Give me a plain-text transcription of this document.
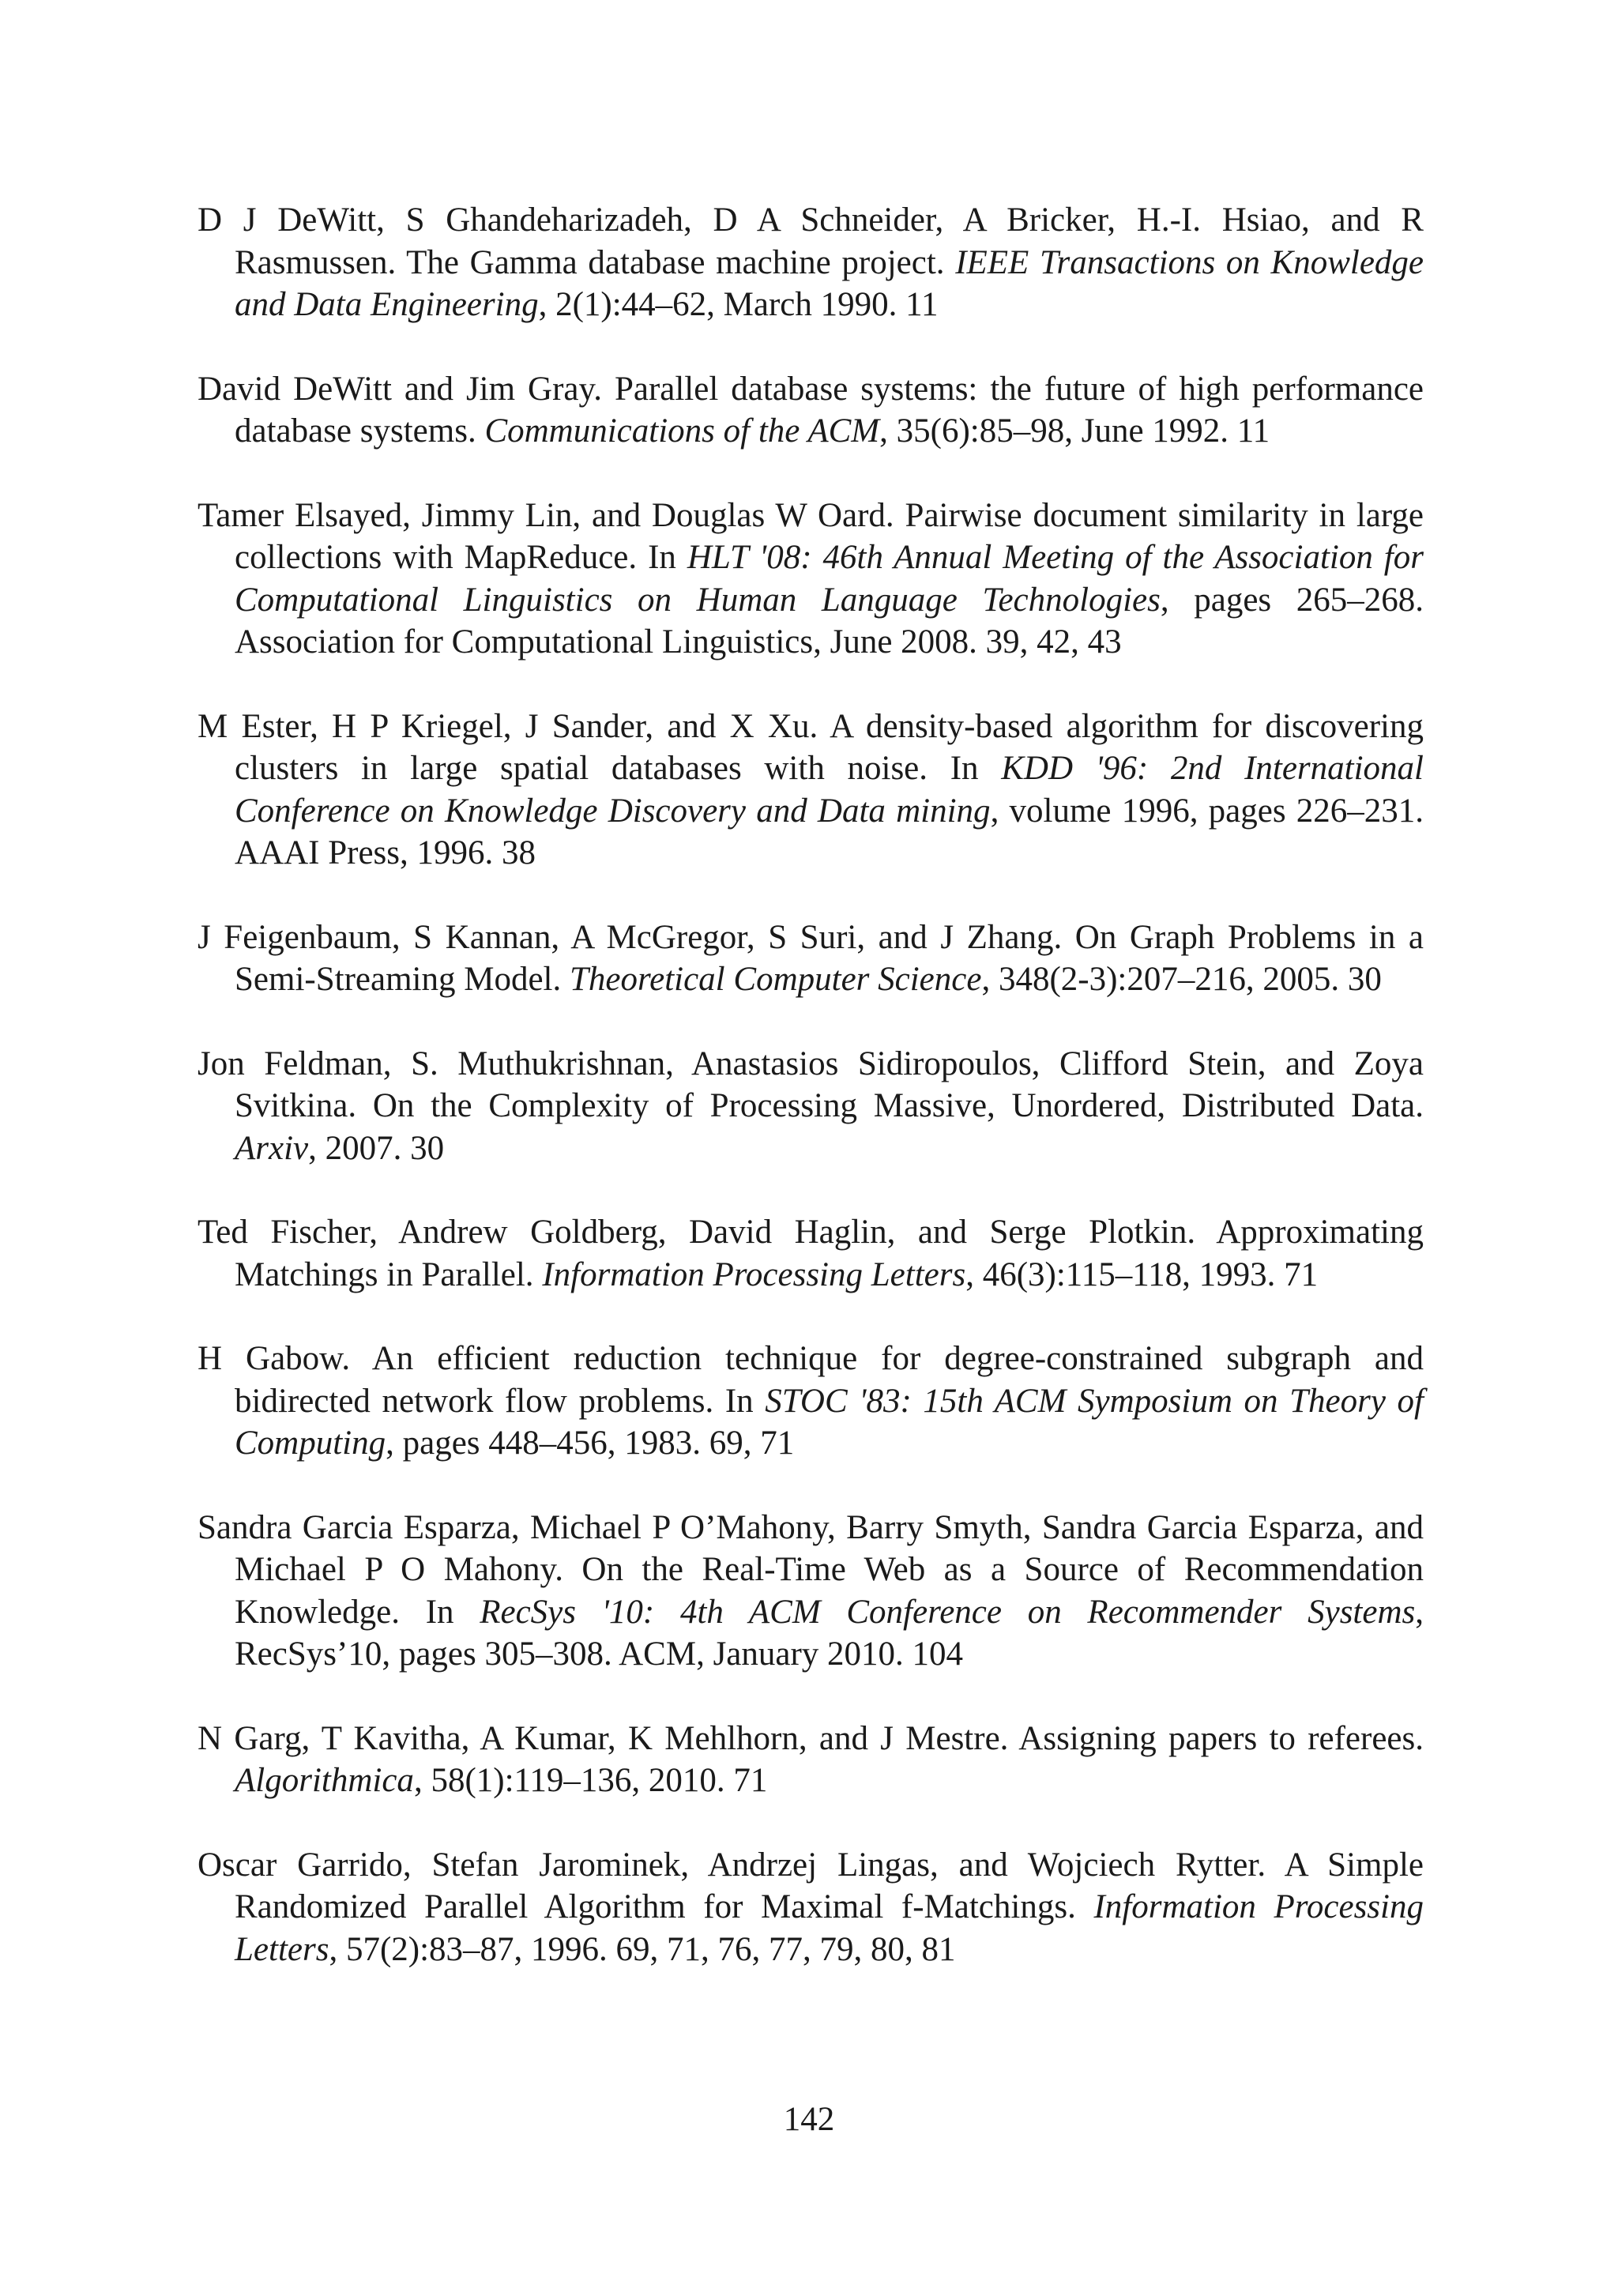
D J DeWitt, S Ghandeharizadeh, D A Schneider, A Bricker, H.-I. Hsiao, and R Rasmussen. The Gamma database machine project. IEEE Transactions on Knowledge and Data Engineering, 2(1):44–62, March 1990. 11

David DeWitt and Jim Gray. Parallel database systems: the future of high performance database systems. Communications of the ACM, 35(6):85–98, June 1992. 11

Tamer Elsayed, Jimmy Lin, and Douglas W Oard. Pairwise document similarity in large collections with MapReduce. In HLT '08: 46th Annual Meeting of the Association for Computational Linguistics on Human Language Technologies, pages 265–268. Association for Computational Linguistics, June 2008. 39, 42, 43

M Ester, H P Kriegel, J Sander, and X Xu. A density-based algorithm for discovering clusters in large spatial databases with noise. In KDD '96: 2nd International Conference on Knowledge Discovery and Data mining, volume 1996, pages 226–231. AAAI Press, 1996. 38

J Feigenbaum, S Kannan, A McGregor, S Suri, and J Zhang. On Graph Problems in a Semi-Streaming Model. Theoretical Computer Science, 348(2-3):207–216, 2005. 30

Jon Feldman, S. Muthukrishnan, Anastasios Sidiropoulos, Clifford Stein, and Zoya Svitkina. On the Complexity of Processing Massive, Unordered, Distributed Data. Arxiv, 2007. 30

Ted Fischer, Andrew Goldberg, David Haglin, and Serge Plotkin. Approximating Matchings in Parallel. Information Processing Letters, 46(3):115–118, 1993. 71

H Gabow. An efficient reduction technique for degree-constrained subgraph and bidirected network flow problems. In STOC '83: 15th ACM Symposium on Theory of Computing, pages 448–456, 1983. 69, 71

Sandra Garcia Esparza, Michael P O’Mahony, Barry Smyth, Sandra Garcia Esparza, and Michael P O Mahony. On the Real-Time Web as a Source of Recommendation Knowledge. In RecSys '10: 4th ACM Conference on Recommender Systems, RecSys’10, pages 305–308. ACM, January 2010. 104

N Garg, T Kavitha, A Kumar, K Mehlhorn, and J Mestre. Assigning papers to referees. Algorithmica, 58(1):119–136, 2010. 71

Oscar Garrido, Stefan Jarominek, Andrzej Lingas, and Wojciech Rytter. A Simple Randomized Parallel Algorithm for Maximal f-Matchings. Information Processing Letters, 57(2):83–87, 1996. 69, 71, 76, 77, 79, 80, 81

142
